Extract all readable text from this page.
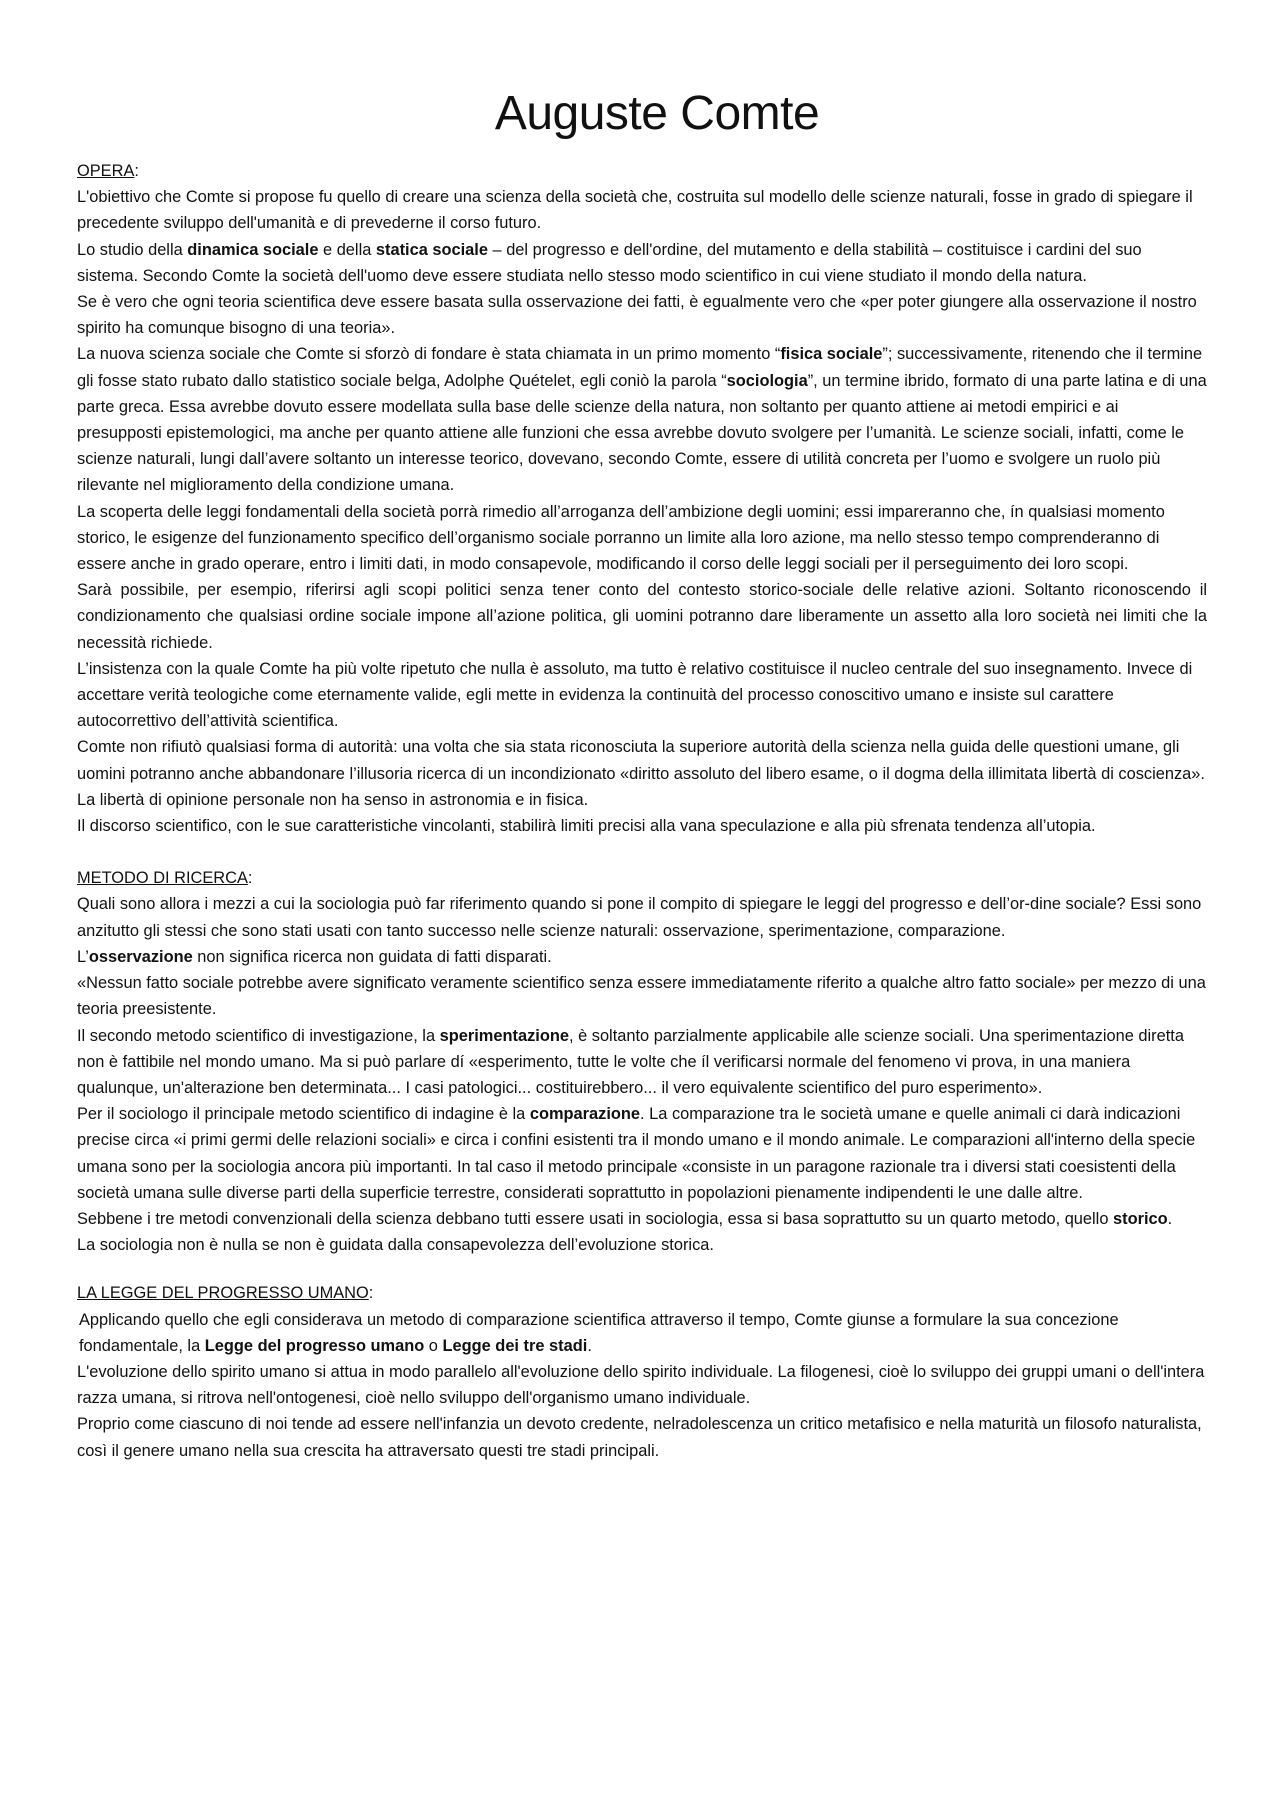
Auguste Comte
OPERA:

L'obiettivo che Comte si propose fu quello di creare una scienza della società che, costruita sul modello delle scienze naturali, fosse in grado di spiegare il precedente sviluppo dell'umanità e di prevederne il corso futuro.

Lo studio della dinamica sociale e della statica sociale – del progresso e dell'ordine, del mutamento e della stabilità – costituisce i cardini del suo sistema. Secondo Comte la società dell'uomo deve essere studiata nello stesso modo scientifico in cui viene studiato il mondo della natura.

Se è vero che ogni teoria scientifica deve essere basata sulla osservazione dei fatti, è egualmente vero che «per poter giungere alla osservazione il nostro spirito ha comunque bisogno di una teoria».

La nuova scienza sociale che Comte si sforzò di fondare è stata chiamata in un primo momento “fisica sociale”; successivamente, ritenendo che il termine gli fosse stato rubato dallo statistico sociale belga, Adolphe Quételet, egli coniò la parola “sociologia”, un termine ibrido, formato di una parte latina e di una parte greca. Essa avrebbe dovuto essere modellata sulla base delle scienze della natura, non soltanto per quanto attiene ai metodi empirici e ai presupposti epistemologici, ma anche per quanto attiene alle funzioni che essa avrebbe dovuto svolgere per l’umanità. Le scienze sociali, infatti, come le scienze naturali, lungi dall’avere soltanto un interesse teorico, dovevano, secondo Comte, essere di utilità concreta per l’uomo e svolgere un ruolo più rilevante nel miglioramento della condizione umana.

La scoperta delle leggi fondamentali della società porrà rimedio all’arroganza dell’ambizione degli uomini; essi impareranno che, ín qualsiasi momento storico, le esigenze del funzionamento specifico dell’organismo sociale porranno un limite alla loro azione, ma nello stesso tempo comprenderanno di essere anche in grado operare, entro i limiti dati, in modo consapevole, modificando il corso delle leggi sociali per il perseguimento dei loro scopi.

Sarà possibile, per esempio, riferirsi agli scopi politici senza tener conto del contesto storico-sociale delle relative azioni. Soltanto riconoscendo il condizionamento che qualsiasi ordine sociale impone all’azione politica, gli uomini potranno dare liberamente un assetto alla loro società nei limiti che la necessità richiede.

L’insistenza con la quale Comte ha più volte ripetuto che nulla è assoluto, ma tutto è relativo costituisce il nucleo centrale del suo insegnamento. Invece di accettare verità teologiche come eternamente valide, egli mette in evidenza la continuità del processo conoscitivo umano e insiste sul carattere autocorrettivo dell’attività scientifica.

Comte non rifiutò qualsiasi forma di autorità: una volta che sia stata riconosciuta la superiore autorità della scienza nella guida delle questioni umane, gli uomini potranno anche abbandonare l’illusoria ricerca di un incondizionato «diritto assoluto del libero esame, o il dogma della illimitata libertà di coscienza».

La libertà di opinione personale non ha senso in astronomia e in fisica.

Il discorso scientifico, con le sue caratteristiche vincolanti, stabilirà limiti precisi alla vana speculazione e alla più sfrenata tendenza all’utopia.

METODO DI RICERCA:

Quali sono allora i mezzi a cui la sociologia può far riferimento quando si pone il compito di spiegare le leggi del progresso e dell’or-dine sociale? Essi sono anzitutto gli stessi che sono stati usati con tanto successo nelle scienze naturali: osservazione, sperimentazione, comparazione.

L’osservazione non significa ricerca non guidata di fatti disparati.

«Nessun fatto sociale potrebbe avere significato veramente scientifico senza essere immediatamente riferito a qualche altro fatto sociale» per mezzo di una teoria preesistente.

Il secondo metodo scientifico di investigazione, la sperimentazione, è soltanto parzialmente applicabile alle scienze sociali. Una sperimentazione diretta non è fattibile nel mondo umano. Ma si può parlare dí «esperimento, tutte le volte che íl verificarsi normale del fenomeno vi prova, in una maniera qualunque, un'alterazione ben determinata... I casi patologici... costituirebbero... il vero equivalente scientifico del puro esperimento».

Per il sociologo il principale metodo scientifico di indagine è la comparazione. La comparazione tra le società umane e quelle animali ci darà indicazioni precise circa «i primi germi delle relazioni sociali» e circa i confini esistenti tra il mondo umano e il mondo animale. Le comparazioni all'interno della specie umana sono per la sociologia ancora più importanti. In tal caso il metodo principale «consiste in un paragone razionale tra i diversi stati coesistenti della società umana sulle diverse parti della superficie terrestre, considerati soprattutto in popolazioni pienamente indipendenti le une dalle altre.

Sebbene i tre metodi convenzionali della scienza debbano tutti essere usati in sociologia, essa si basa soprattutto su un quarto metodo, quello storico.

La sociologia non è nulla se non è guidata dalla consapevolezza dell’evoluzione storica.

LA LEGGE DEL PROGRESSO UMANO:

Applicando quello che egli considerava un metodo di comparazione scientifica attraverso il tempo, Comte giunse a formulare la sua concezione fondamentale, la Legge del progresso umano o Legge dei tre stadi.

L'evoluzione dello spirito umano si attua in modo parallelo all'evoluzione dello spirito individuale. La filogenesi, cioè lo sviluppo dei gruppi umani o dell'intera razza umana, si ritrova nell'ontogenesi, cioè nello sviluppo dell'organismo umano individuale.

Proprio come ciascuno di noi tende ad essere nell'infanzia un devoto credente, nelradolescenza un critico metafisico e nella maturità un filosofo naturalista, così il genere umano nella sua crescita ha attraversato questi tre stadi principali.
